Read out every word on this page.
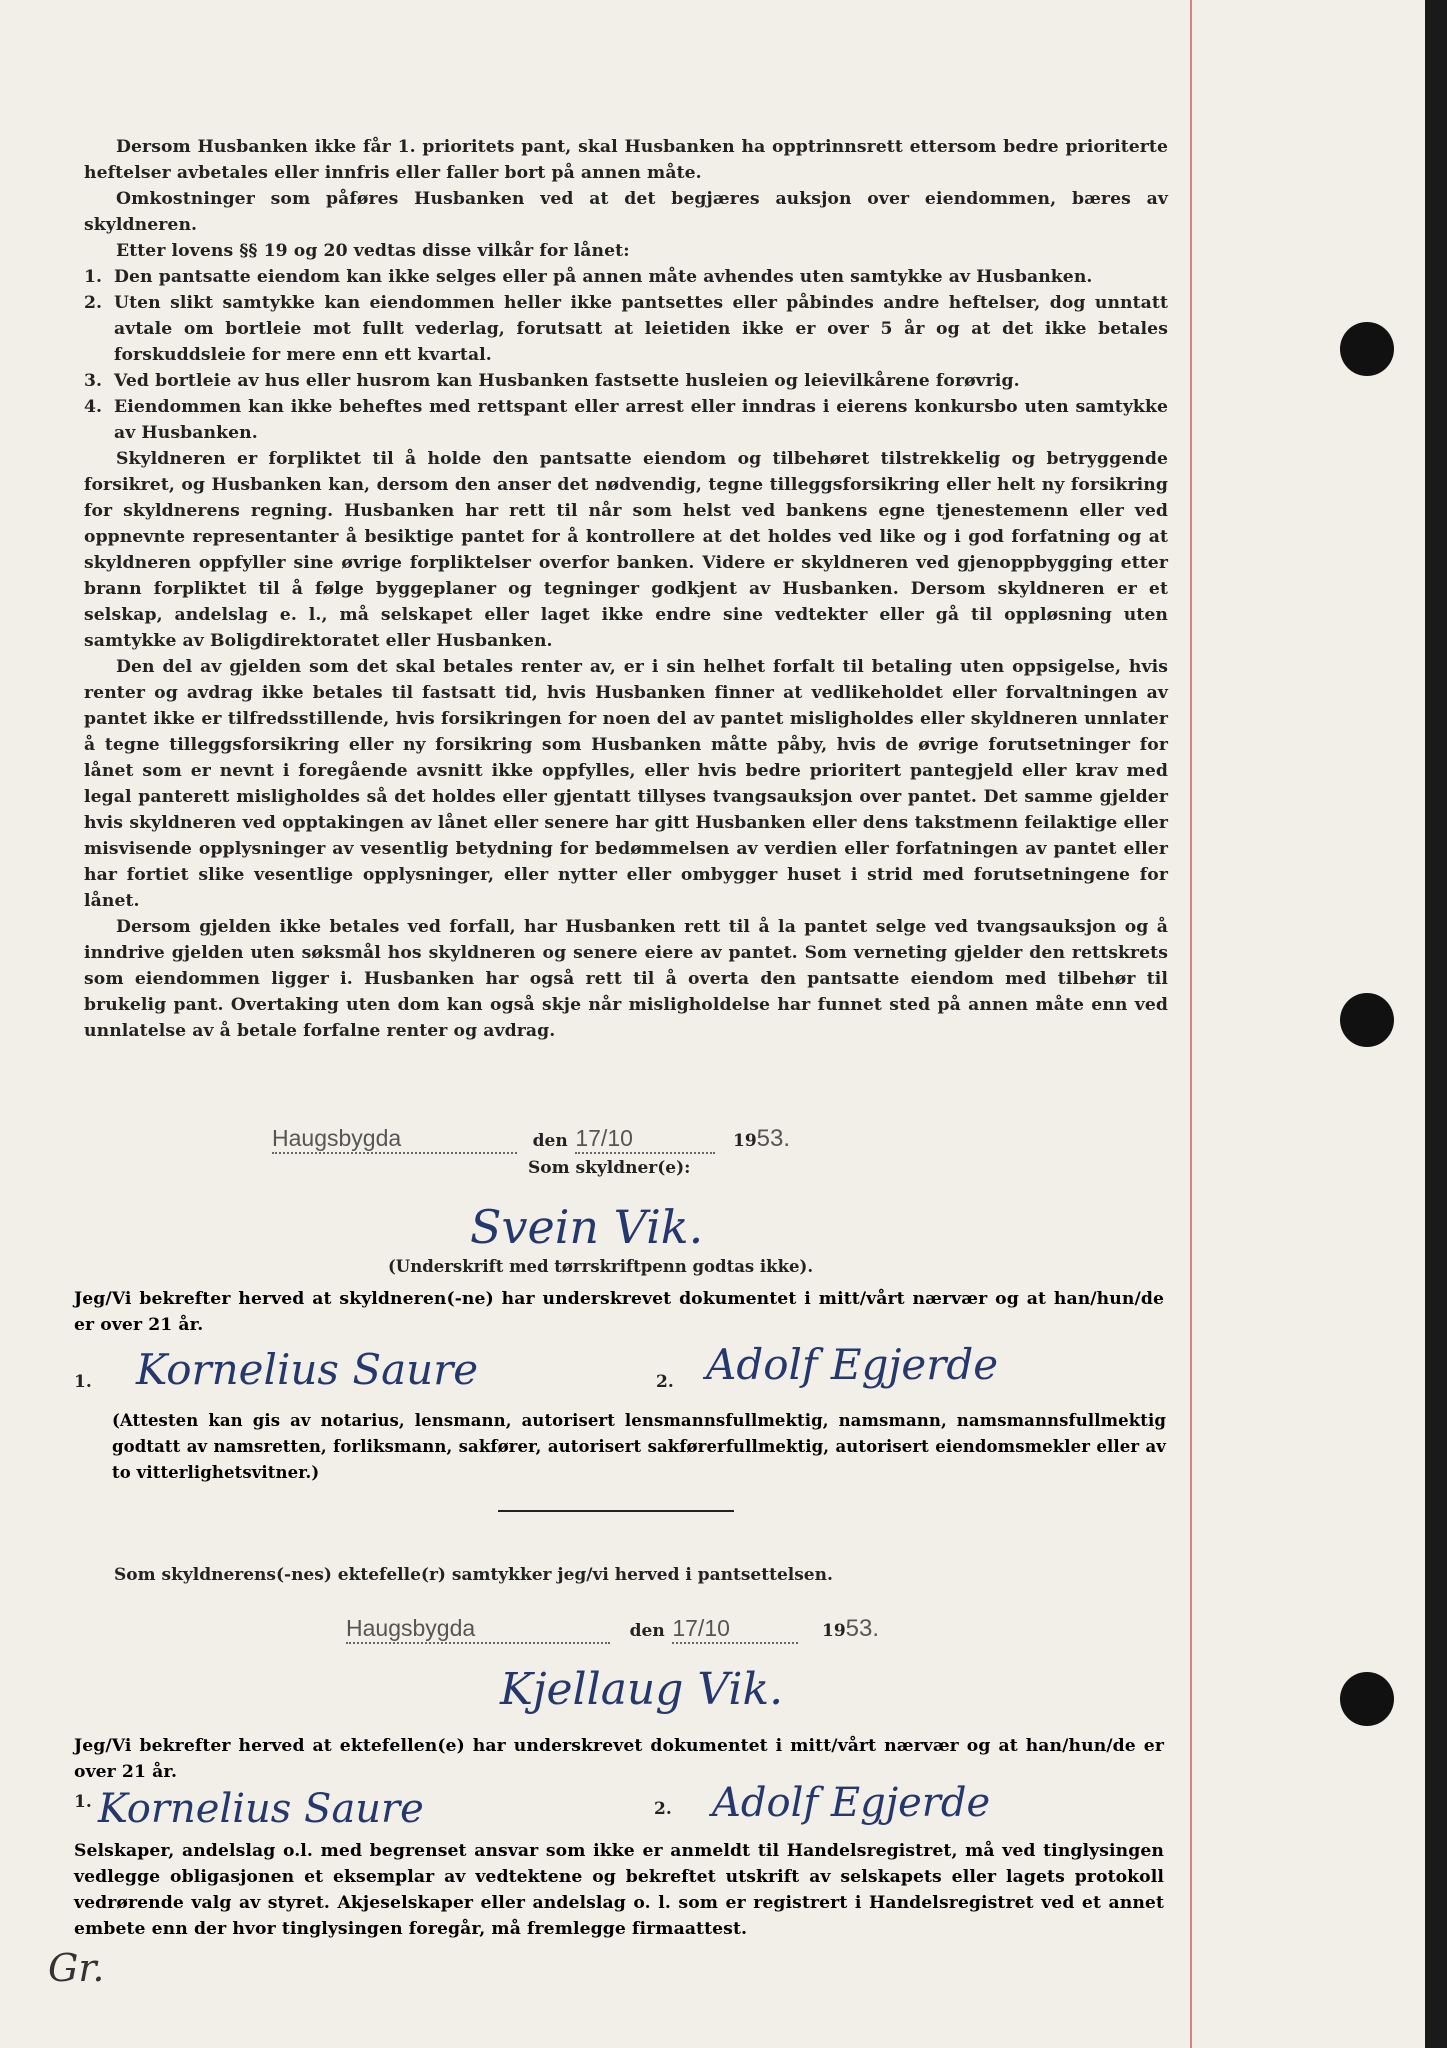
Dersom Husbanken ikke får 1. prioritets pant, skal Husbanken ha opptrinnsrett ettersom bedre prioriterte heftelser avbetales eller innfris eller faller bort på annen måte.
Omkostninger som påføres Husbanken ved at det begjæres auksjon over eiendommen, bæres av skyldneren.
Etter lovens §§ 19 og 20 vedtas disse vilkår for lånet:
1. Den pantsatte eiendom kan ikke selges eller på annen måte avhendes uten samtykke av Husbanken.
2. Uten slikt samtykke kan eiendommen heller ikke pantsettes eller påbindes andre heftelser, dog unntatt avtale om bortleie mot fullt vederlag, forutsatt at leietiden ikke er over 5 år og at det ikke betales forskuddsleie for mere enn ett kvartal.
3. Ved bortleie av hus eller husrom kan Husbanken fastsette husleien og leievilkårene forøvrig.
4. Eiendommen kan ikke beheftes med rettspant eller arrest eller inndras i eierens konkursbo uten samtykke av Husbanken.
Skyldneren er forpliktet til å holde den pantsatte eiendom og tilbehøret tilstrekkelig og betryggende forsikret, og Husbanken kan, dersom den anser det nødvendig, tegne tilleggsforsikring eller helt ny forsikring for skyldnerens regning. Husbanken har rett til når som helst ved bankens egne tjenestemenn eller ved oppnevnte representanter å besiktige pantet for å kontrollere at det holdes ved like og i god forfatning og at skyldneren oppfyller sine øvrige forpliktelser overfor banken. Videre er skyldneren ved gjenoppbygging etter brann forpliktet til å følge byggeplaner og tegninger godkjent av Husbanken. Dersom skyldneren er et selskap, andelslag e. l., må selskapet eller laget ikke endre sine vedtekter eller gå til oppløsning uten samtykke av Boligdirektoratet eller Husbanken.
Den del av gjelden som det skal betales renter av, er i sin helhet forfalt til betaling uten oppsigelse, hvis renter og avdrag ikke betales til fastsatt tid, hvis Husbanken finner at vedlikeholdet eller forvaltningen av pantet ikke er tilfredsstillende, hvis forsikringen for noen del av pantet misligholdes eller skyldneren unnlater å tegne tilleggsforsikring eller ny forsikring som Husbanken måtte påby, hvis de øvrige forutsetninger for lånet som er nevnt i foregående avsnitt ikke oppfylles, eller hvis bedre prioritert pantegjeld eller krav med legal panterett misligholdes så det holdes eller gjentatt tillyses tvangsauksjon over pantet. Det samme gjelder hvis skyldneren ved opptakingen av lånet eller senere har gitt Husbanken eller dens takstmenn feilaktige eller misvisende opplysninger av vesentlig betydning for bedømmelsen av verdien eller forfatningen av pantet eller har fortiet slike vesentlige opplysninger, eller nytter eller ombygger huset i strid med forutsetningene for lånet.
Dersom gjelden ikke betales ved forfall, har Husbanken rett til å la pantet selge ved tvangsauksjon og å inndrive gjelden uten søksmål hos skyldneren og senere eiere av pantet. Som verneting gjelder den rettskrets som eiendommen ligger i. Husbanken har også rett til å overta den pantsatte eiendom med tilbehør til brukelig pant. Overtaking uten dom kan også skje når misligholdelse har funnet sted på annen måte enn ved unnlatelse av å betale forfalne renter og avdrag.
Haugsbygda	den 17/10	1953.
Som skyldner(e):
Svein Vik.
(Underskrift med tørrskriftpenn godtas ikke).
Jeg/Vi bekrefter herved at skyldneren(-ne) har underskrevet dokumentet i mitt/vårt nærvær og at han/hun/de er over 21 år.
1. Kornelius Saure	2. Adolf Egjerde
(Attesten kan gis av notarius, lensmann, autorisert lensmannsfullmektig, namsmann, namsmannsfullmektig godtatt av namsretten, forliksmann, sakfører, autorisert sakførerfullmektig, autorisert eiendomsmekler eller av to vitterlighetsvitner.)
Som skyldnerens(-nes) ektefelle(r) samtykker jeg/vi herved i pantsettelsen.
Haugsbygda	den 17/10	1953.
Kjellaug Vik.
Jeg/Vi bekrefter herved at ektefellen(e) har underskrevet dokumentet i mitt/vårt nærvær og at han/hun/de er over 21 år.
1. Kornelius Saure	2. Adolf Egjerde
Selskaper, andelslag o.l. med begrenset ansvar som ikke er anmeldt til Handelsregistret, må ved tinglysingen vedlegge obligasjonen et eksemplar av vedtektene og bekreftet utskrift av selskapets eller lagets protokoll vedrørende valg av styret. Akjeselskaper eller andelslag o. l. som er registrert i Handelsregistret ved et annet embete enn der hvor tinglysingen foregår, må fremlegge firmaattest.
Gr.
